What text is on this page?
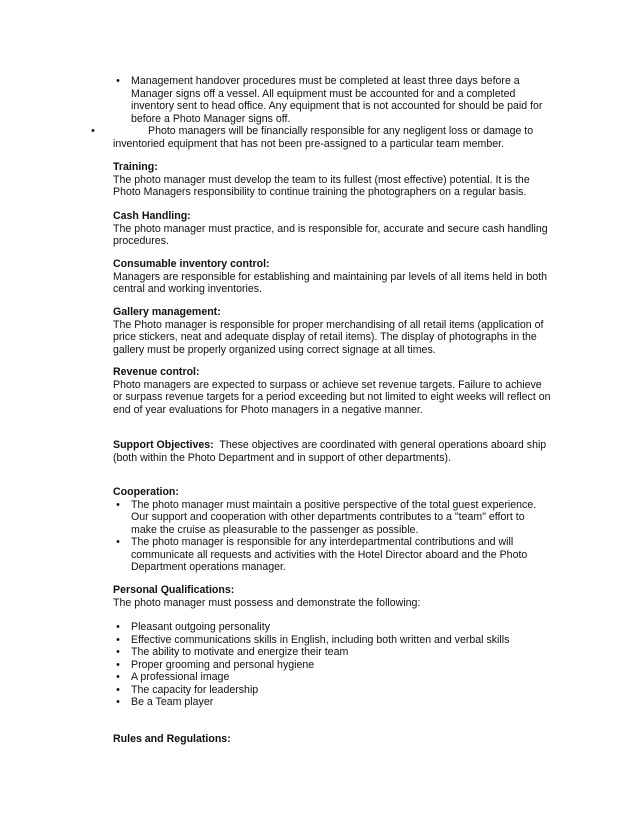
• Management handover procedures must be completed at least three days before a
Manager signs off a vessel. All equipment must be accounted for and a completed
inventory sent to head office. Any equipment that is not accounted for should be paid for
before a Photo Manager signs off.
•	Photo managers will be financially responsible for any negligent loss or damage to
inventoried equipment that has not been pre-assigned to a particular team member.
Training:
The photo manager must develop the team to its fullest (most effective) potential. It is the
Photo Managers responsibility to continue training the photographers on a regular basis.
Cash Handling:
The photo manager must practice, and is responsible for, accurate and secure cash handling
procedures.
Consumable inventory control:
Managers are responsible for establishing and maintaining par levels of all items held in both
central and working inventories.
Gallery management:
The Photo manager is responsible for proper merchandising of all retail items (application of
price stickers, neat and adequate display of retail items). The display of photographs in the
gallery must be properly organized using correct signage at all times.
Revenue control:
Photo managers are expected to surpass or achieve set revenue targets. Failure to achieve
or surpass revenue targets for a period exceeding but not limited to eight weeks will reflect on
end of year evaluations for Photo managers in a negative manner.
Support Objectives: These objectives are coordinated with general operations aboard ship
(both within the Photo Department and in support of other departments).
Cooperation:
• The photo manager must maintain a positive perspective of the total guest experience.
Our support and cooperation with other departments contributes to a "team" effort to
make the cruise as pleasurable to the passenger as possible.
• The photo manager is responsible for any interdepartmental contributions and will
communicate all requests and activities with the Hotel Director aboard and the Photo
Department operations manager.
Personal Qualifications:
The photo manager must possess and demonstrate the following:
• Pleasant outgoing personality
• Effective communications skills in English, including both written and verbal skills
• The ability to motivate and energize their team
• Proper grooming and personal hygiene
• A professional image
• The capacity for leadership
• Be a Team player
Rules and Regulations:
